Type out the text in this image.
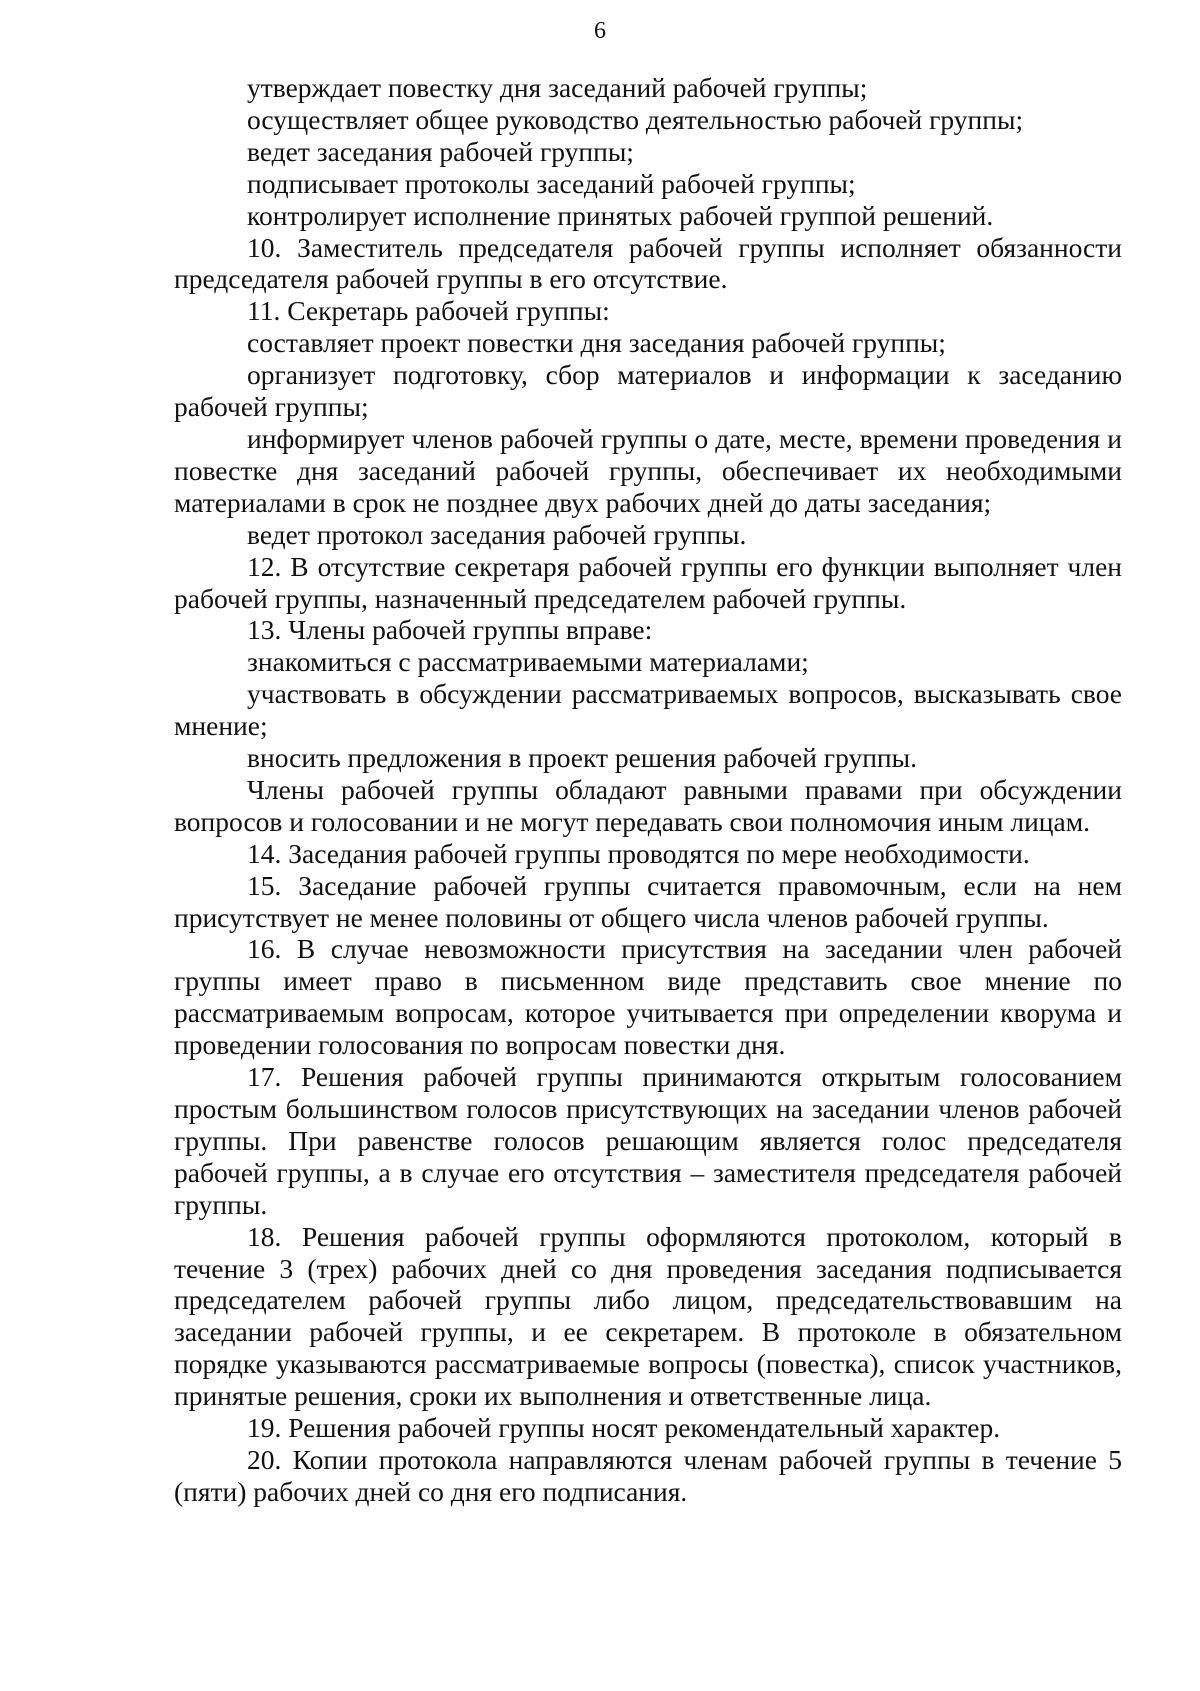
6

утверждает повестку дня заседаний рабочей группы;

осуществляет общее руководство деятельностью рабочей группы;

ведет заседания рабочей группы;

подписывает протоколы заседаний рабочей группы;

контролирует исполнение принятых рабочей группой решений.

10. Заместитель председателя рабочей группы исполняет обязанности председателя рабочей группы в его отсутствие.

11. Секретарь рабочей группы:

составляет проект повестки дня заседания рабочей группы;

организует подготовку, сбор материалов и информации к заседанию рабочей группы;

информирует членов рабочей группы о дате, месте, времени проведения и повестке дня заседаний рабочей группы, обеспечивает их необходимыми материалами в срок не позднее двух рабочих дней до даты заседания;

ведет протокол заседания рабочей группы.

12. В отсутствие секретаря рабочей группы его функции выполняет член рабочей группы, назначенный председателем рабочей группы.

13. Члены рабочей группы вправе:

знакомиться с рассматриваемыми материалами;

участвовать в обсуждении рассматриваемых вопросов, высказывать свое мнение;

вносить предложения в проект решения рабочей группы.

Члены рабочей группы обладают равными правами при обсуждении вопросов и голосовании и не могут передавать свои полномочия иным лицам.

14. Заседания рабочей группы проводятся по мере необходимости.

15. Заседание рабочей группы считается правомочным, если на нем присутствует не менее половины от общего числа членов рабочей группы.

16. В случае невозможности присутствия на заседании член рабочей группы имеет право в письменном виде представить свое мнение по рассматриваемым вопросам, которое учитывается при определении кворума и проведении голосования по вопросам повестки дня.

17. Решения рабочей группы принимаются открытым голосованием простым большинством голосов присутствующих на заседании членов рабочей группы. При равенстве голосов решающим является голос председателя рабочей группы, а в случае его отсутствия – заместителя председателя рабочей группы.

18. Решения рабочей группы оформляются протоколом, который в течение 3 (трех) рабочих дней со дня проведения заседания подписывается председателем рабочей группы либо лицом, председательствовавшим на заседании рабочей группы, и ее секретарем. В протоколе в обязательном порядке указываются рассматриваемые вопросы (повестка), список участников, принятые решения, сроки их выполнения и ответственные лица.

19. Решения рабочей группы носят рекомендательный характер.

20. Копии протокола направляются членам рабочей группы в течение 5 (пяти) рабочих дней со дня его подписания.
